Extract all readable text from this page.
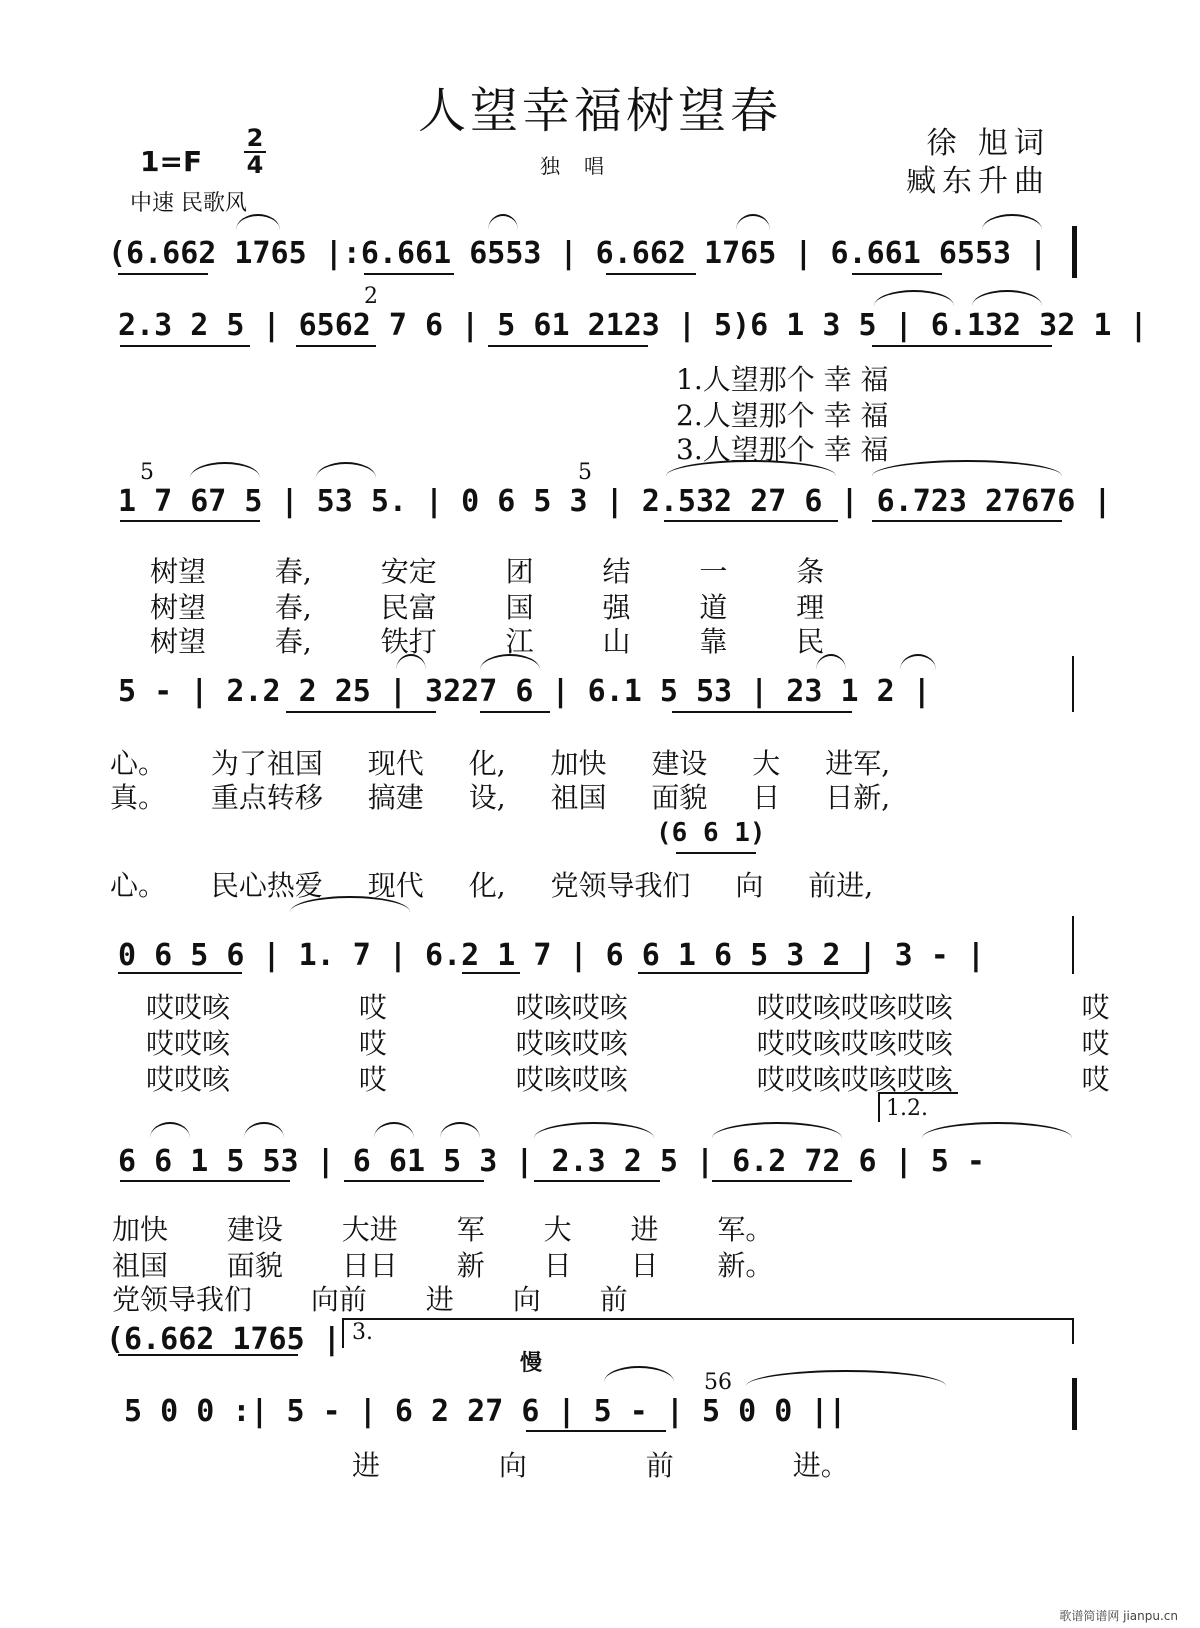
人望幸福树望春
1=F
2
4	独唱
徐 旭词
臧东升曲
中速 民歌风
(6.662 1765 |:6.661 6553 | 6.662 1765 | 6.661 6553 |
2.3 2 5 | 6562 7 6 | 5 61 2123 | 5)6 1 3 5 | 6.132 32 1 |
2
1.人望那个 幸 福
2.人望那个 幸 福
3.人望那个 幸 福
1 7 67 5 | 53 5. | 0 6 5 3 | 2.532 27 6 | 6.723 27676 |
5	5
树望 春, 安定 团 结 一 条
树望 春, 民富 国 强 道 理
树望 春, 铁打 江 山 靠 民
5 - | 2.2 2 25 | 3227 6 | 6.1 5 53 | 23 1 2 |
心。 为了祖国 现代 化, 加快 建设 大 进军,
真。 重点转移 搞建 设, 祖国 面貌 日 日新,
(6 6 1)
心。 民心热爱 现代 化, 党领导我们 向 前进,
0 6 5 6 | 1. 7 | 6.2 1 7 | 6 6 1 6 5 3 2 | 3 - |
哎哎咳 哎 哎咳哎咳 哎哎咳哎咳哎咳 哎
哎哎咳 哎 哎咳哎咳 哎哎咳哎咳哎咳 哎
哎哎咳 哎 哎咳哎咳 哎哎咳哎咳哎咳 哎
1.2.
6 6 1 5 53 | 6 61 5 3 | 2.3 2 5 | 6.2 72 6 | 5 -
加快 建设 大进 军 大 进 军。
祖国 面貌 日日 新 日 日 新。
党领导我们 向前 进 向 前
(6.662 1765 | 3.
慢
5 0 0 :| 5 - | 6 2 27 6 | 5 - | 5 0 0 ||
56
进 向 前 进。
歌谱简谱网 jianpu.cn
